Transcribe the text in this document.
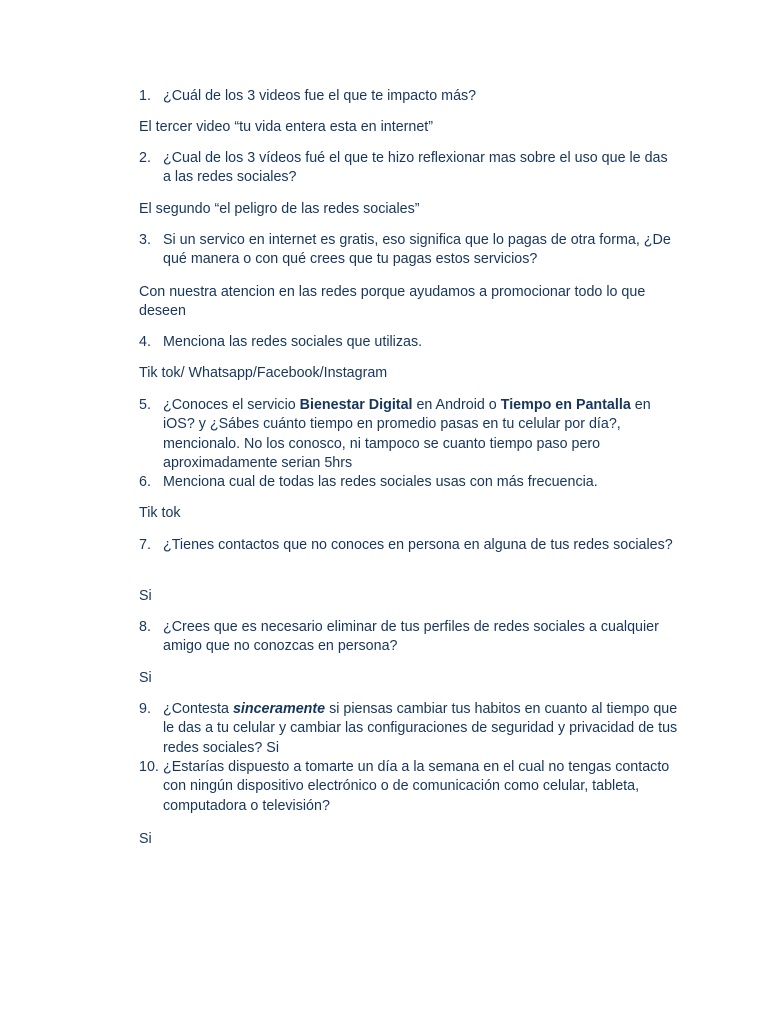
1. ¿Cuál de los 3 videos fue el que te impacto más?
El tercer video “tu vida entera esta en internet”
2. ¿Cual de los 3 vídeos fué el que te hizo reflexionar mas sobre el uso que le das a las redes sociales?
El segundo “el peligro de las redes sociales”
3. Si un servico en internet es gratis, eso significa que lo pagas de otra forma, ¿De qué manera o con qué crees que tu pagas estos servicios?
Con nuestra atencion en las redes porque ayudamos a promocionar todo lo que deseen
4. Menciona las redes sociales que utilizas.
Tik tok/ Whatsapp/Facebook/Instagram
5. ¿Conoces el servicio Bienestar Digital en Android o Tiempo en Pantalla en iOS? y ¿Sábes cuánto tiempo en promedio pasas en tu celular por día?, mencionalo. No los conosco, ni tampoco se cuanto tiempo paso pero aproximadamente serian 5hrs
6. Menciona cual de todas las redes sociales usas con más frecuencia.
Tik tok
7. ¿Tienes contactos que no conoces en persona en alguna de tus redes sociales?
Si
8. ¿Crees que es necesario eliminar de tus perfiles de redes sociales a cualquier amigo que no conozcas en persona?
Si
9. ¿Contesta sinceramente si piensas cambiar tus habitos en cuanto al tiempo que le das a tu celular y cambiar las configuraciones de seguridad y privacidad de tus redes sociales? Si
10. ¿Estarías dispuesto a tomarte un día a la semana en el cual no tengas contacto con ningún dispositivo electrónico o de comunicación como celular, tableta, computadora o televisión?
Si
